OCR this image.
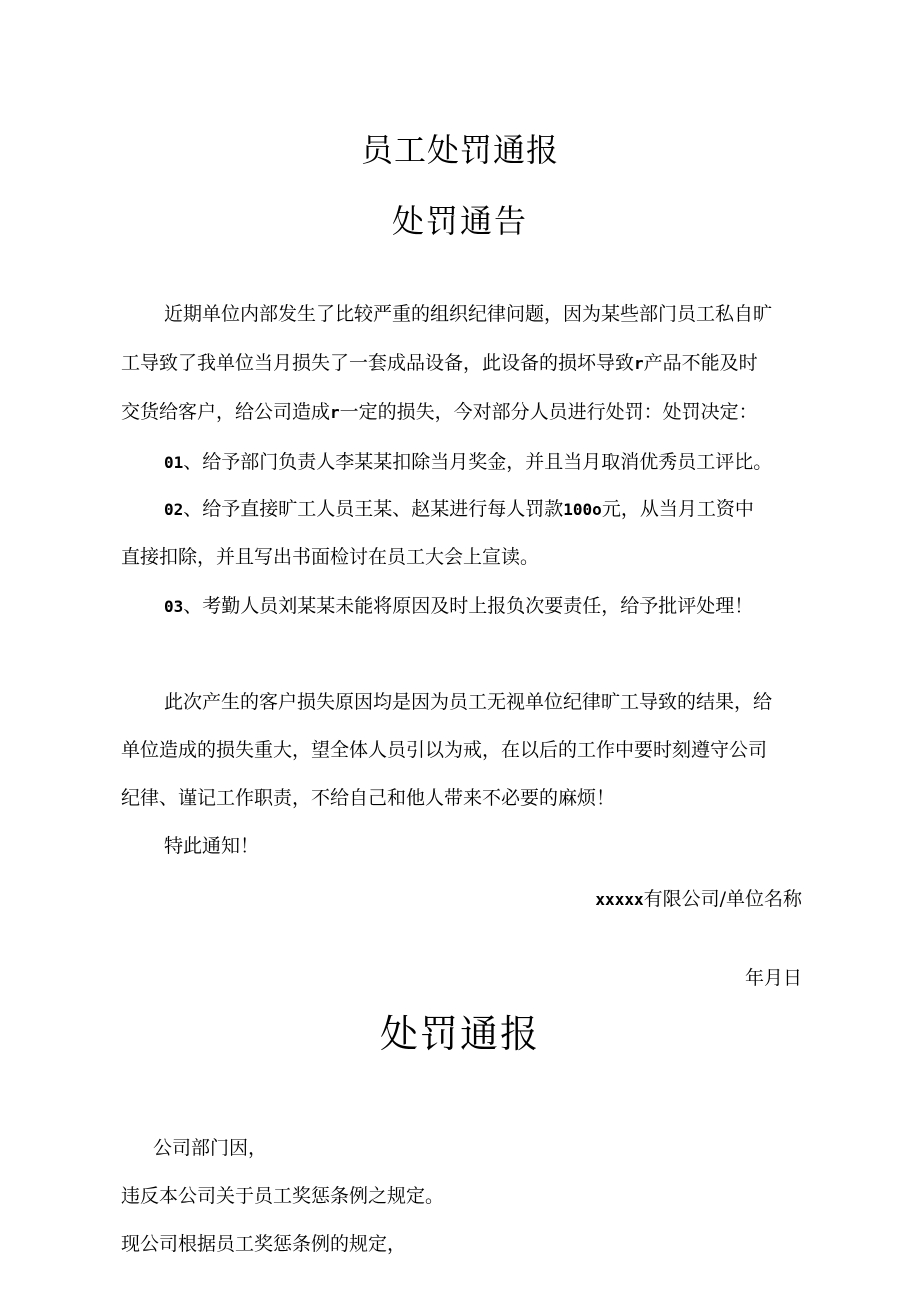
员工处罚通报
处罚通告
近期单位内部发生了比较严重的组织纪律问题，因为某些部门员工私自旷
工导致了我单位当月损失了一套成品设备，此设备的损坏导致r产品不能及时
交货给客户，给公司造成r一定的损失，今对部分人员进行处罚：处罚决定：
01、给予部门负责人李某某扣除当月奖金，并且当月取消优秀员工评比。
02、给予直接旷工人员王某、赵某进行每人罚款100o元，从当月工资中
直接扣除，并且写出书面检讨在员工大会上宣读。
03、考勤人员刘某某未能将原因及时上报负次要责任，给予批评处理！
此次产生的客户损失原因均是因为员工无视单位纪律旷工导致的结果，给
单位造成的损失重大，望全体人员引以为戒，在以后的工作中要时刻遵守公司
纪律、谨记工作职责，不给自己和他人带来不必要的麻烦！
特此通知！
xxxxx有限公司/单位名称
年月日
处罚通报
公司部门因，
违反本公司关于员工奖惩条例之规定。
现公司根据员工奖惩条例的规定，
